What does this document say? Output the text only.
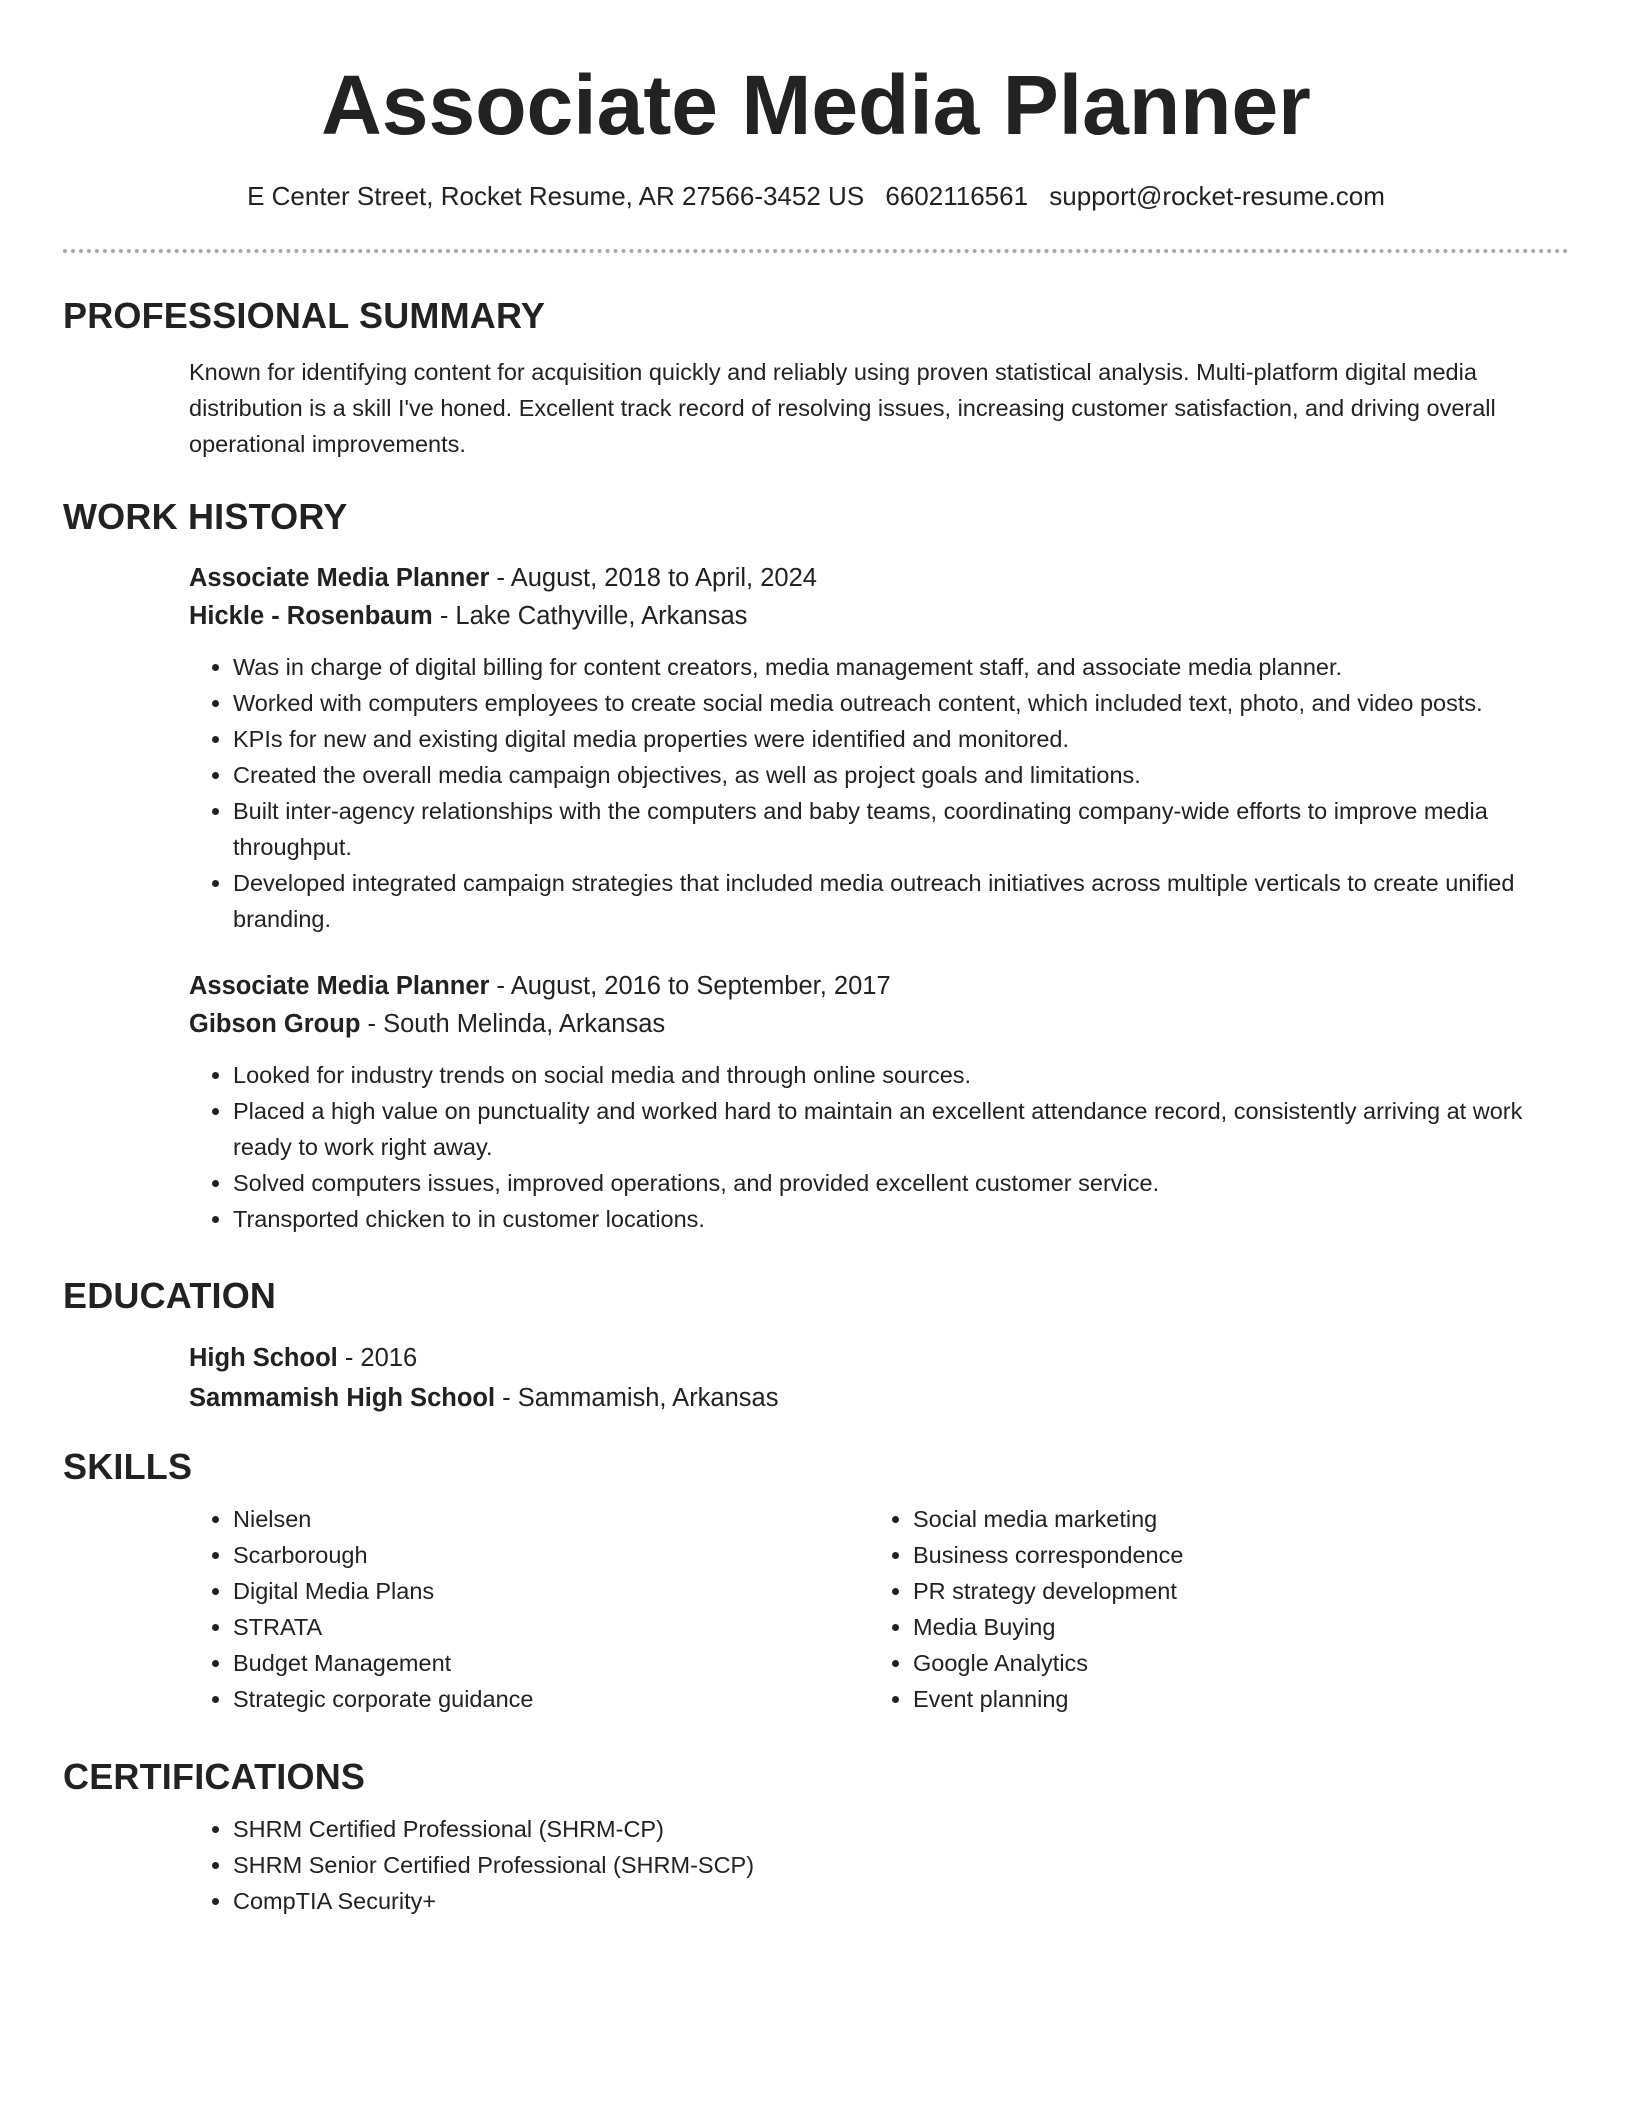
Associate Media Planner
E Center Street, Rocket Resume, AR 27566-3452 US 6602116561 support@rocket-resume.com
PROFESSIONAL SUMMARY
Known for identifying content for acquisition quickly and reliably using proven statistical analysis. Multi-platform digital media distribution is a skill I've honed. Excellent track record of resolving issues, increasing customer satisfaction, and driving overall operational improvements.
WORK HISTORY
Associate Media Planner - August, 2018 to April, 2024
Hickle - Rosenbaum - Lake Cathyville, Arkansas
• Was in charge of digital billing for content creators, media management staff, and associate media planner.
• Worked with computers employees to create social media outreach content, which included text, photo, and video posts.
• KPIs for new and existing digital media properties were identified and monitored.
• Created the overall media campaign objectives, as well as project goals and limitations.
• Built inter-agency relationships with the computers and baby teams, coordinating company-wide efforts to improve media throughput.
• Developed integrated campaign strategies that included media outreach initiatives across multiple verticals to create unified branding.
Associate Media Planner - August, 2016 to September, 2017
Gibson Group - South Melinda, Arkansas
• Looked for industry trends on social media and through online sources.
• Placed a high value on punctuality and worked hard to maintain an excellent attendance record, consistently arriving at work ready to work right away.
• Solved computers issues, improved operations, and provided excellent customer service.
• Transported chicken to in customer locations.
EDUCATION
High School - 2016
Sammamish High School - Sammamish, Arkansas
SKILLS
• Nielsen
• Scarborough
• Digital Media Plans
• STRATA
• Budget Management
• Strategic corporate guidance
• Social media marketing
• Business correspondence
• PR strategy development
• Media Buying
• Google Analytics
• Event planning
CERTIFICATIONS
• SHRM Certified Professional (SHRM-CP)
• SHRM Senior Certified Professional (SHRM-SCP)
• CompTIA Security+
